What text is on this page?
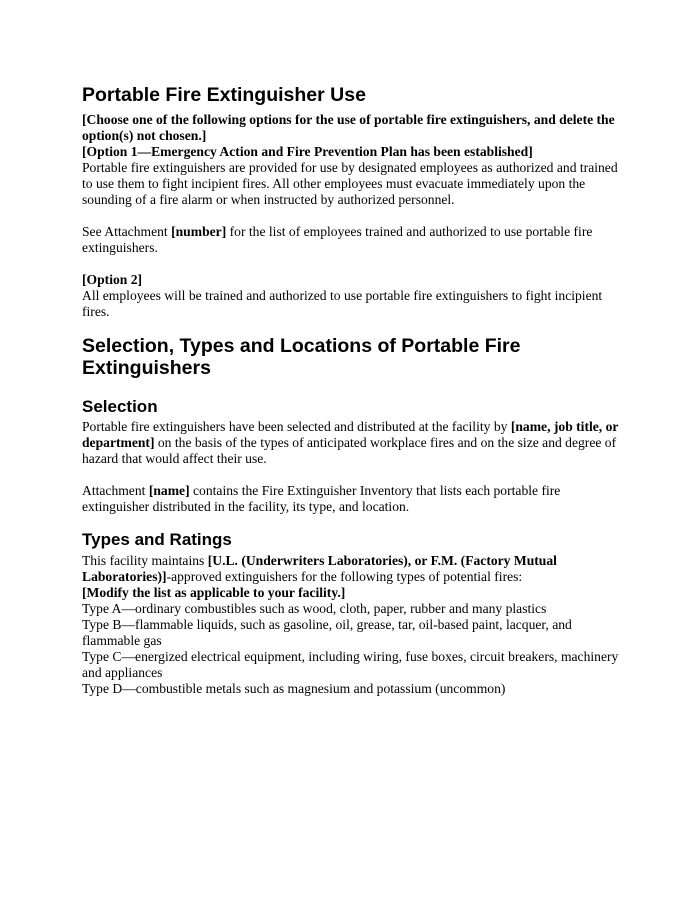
Portable Fire Extinguisher Use

[Choose one of the following options for the use of portable fire extinguishers, and delete the option(s) not chosen.]

[Option 1—Emergency Action and Fire Prevention Plan has been established]

Portable fire extinguishers are provided for use by designated employees as authorized and trained to use them to fight incipient fires. All other employees must evacuate immediately upon the sounding of a fire alarm or when instructed by authorized personnel.

See Attachment [number] for the list of employees trained and authorized to use portable fire extinguishers.

[Option 2]

All employees will be trained and authorized to use portable fire extinguishers to fight incipient fires.

Selection, Types and Locations of Portable Fire Extinguishers
Selection

Portable fire extinguishers have been selected and distributed at the facility by [name, job title, or department] on the basis of the types of anticipated workplace fires and on the size and degree of hazard that would affect their use.

Attachment [name] contains the Fire Extinguisher Inventory that lists each portable fire extinguisher distributed in the facility, its type, and location.

Types and Ratings

This facility maintains [U.L. (Underwriters Laboratories), or F.M. (Factory Mutual Laboratories)]-approved extinguishers for the following types of potential fires:

[Modify the list as applicable to your facility.]

Type A—ordinary combustibles such as wood, cloth, paper, rubber and many plastics

Type B—flammable liquids, such as gasoline, oil, grease, tar, oil-based paint, lacquer, and flammable gas

Type C—energized electrical equipment, including wiring, fuse boxes, circuit breakers, machinery and appliances

Type D—combustible metals such as magnesium and potassium (uncommon)
